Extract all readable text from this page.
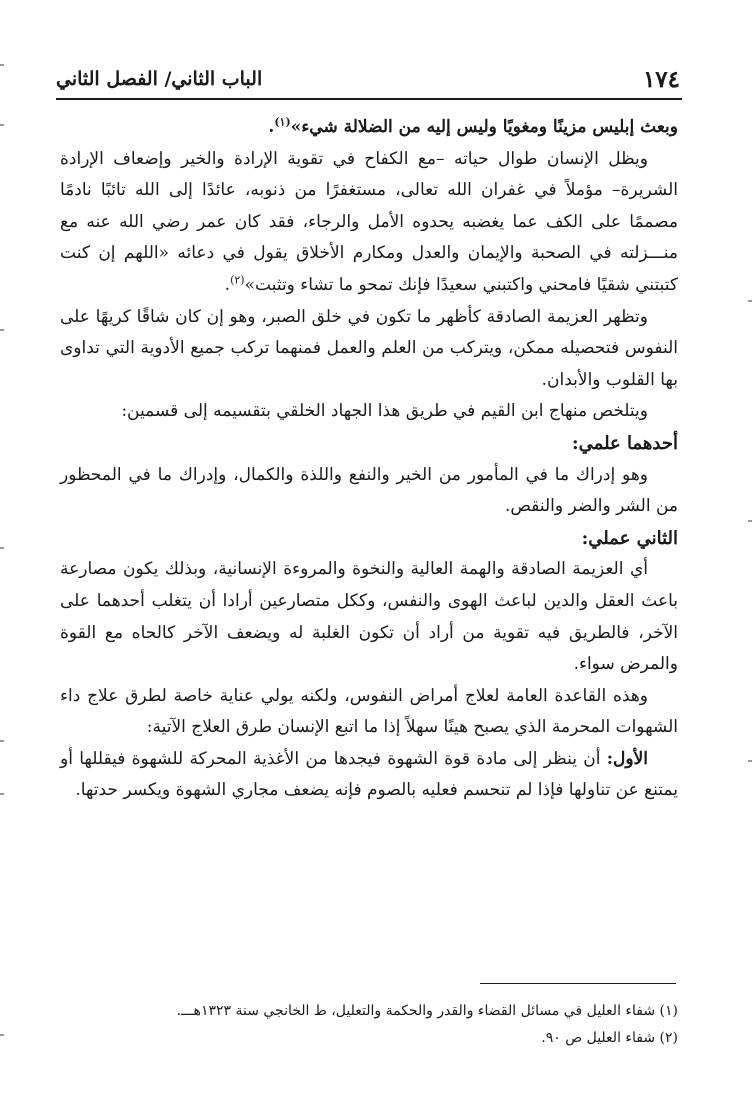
١٧٤
الباب الثاني/ الفصل الثاني

وبعث إبليس مزينًا ومغويًا وليس إليه من الضلالة شيء»$^{(١)}$.

ويظل الإنسان طوال حياته –مع الكفاح في تقوية الإرادة والخير وإضعاف الإرادة الشريرة– مؤملاً في غفران الله تعالى، مستغفرًا من ذنوبه، عائدًا إلى الله تائبًا نادمًا مصممًا على الكف عما يغضبه يحدوه الأمل والرجاء، فقد كان عمر رضي الله عنه مع منـــزلته في الصحبة والإيمان والعدل ومكارم الأخلاق يقول في دعائه «اللهم إن كنت كتبتني شقيًا فامحني واكتبني سعيدًا فإنك تمحو ما تشاء وتثبت»$^{(٢)}$.

وتظهر العزيمة الصادقة كأظهر ما تكون في خلق الصبر، وهو إن كان شاقًا كريهًا على النفوس فتحصيله ممكن، ويتركب من العلم والعمل فمنهما تركب جميع الأدوية التي تداوى بها القلوب والأبدان.

ويتلخص منهاج ابن القيم في طريق هذا الجهاد الخلقي بتقسيمه إلى قسمين:

أحدهما علمي:

وهو إدراك ما في المأمور من الخير والنفع واللذة والكمال، وإدراك ما في المحظور من الشر والضر والنقص.

الثاني عملي:

أي العزيمة الصادقة والهمة العالية والنخوة والمروءة الإنسانية، وبذلك يكون مصارعة باعث العقل والدين لباعث الهوى والنفس، وككل متصارعين أرادا أن يتغلب أحدهما على الآخر، فالطريق فيه تقوية من أراد أن تكون الغلبة له ويضعف الآخر كالحاه مع القوة والمرض سواء.

وهذه القاعدة العامة لعلاج أمراض النفوس، ولكنه يولي عناية خاصة لطرق علاج داء الشهوات المحرمة الذي يصبح هينًا سهلاً إذا ما اتبع الإنسان طرق العلاج الآتية:

الأول: أن ينظر إلى مادة قوة الشهوة فيجدها من الأغذية المحركة للشهوة فيقللها أو يمتنع عن تناولها فإذا لم تنحسم فعليه بالصوم فإنه يضعف مجاري الشهوة ويكسر حدتها.

(١) شفاء العليل في مسائل القضاء والقدر والحكمة والتعليل، ط الخانجي سنة ١٣٢٣هـــ.

(٢) شفاء العليل ص ٩٠.
